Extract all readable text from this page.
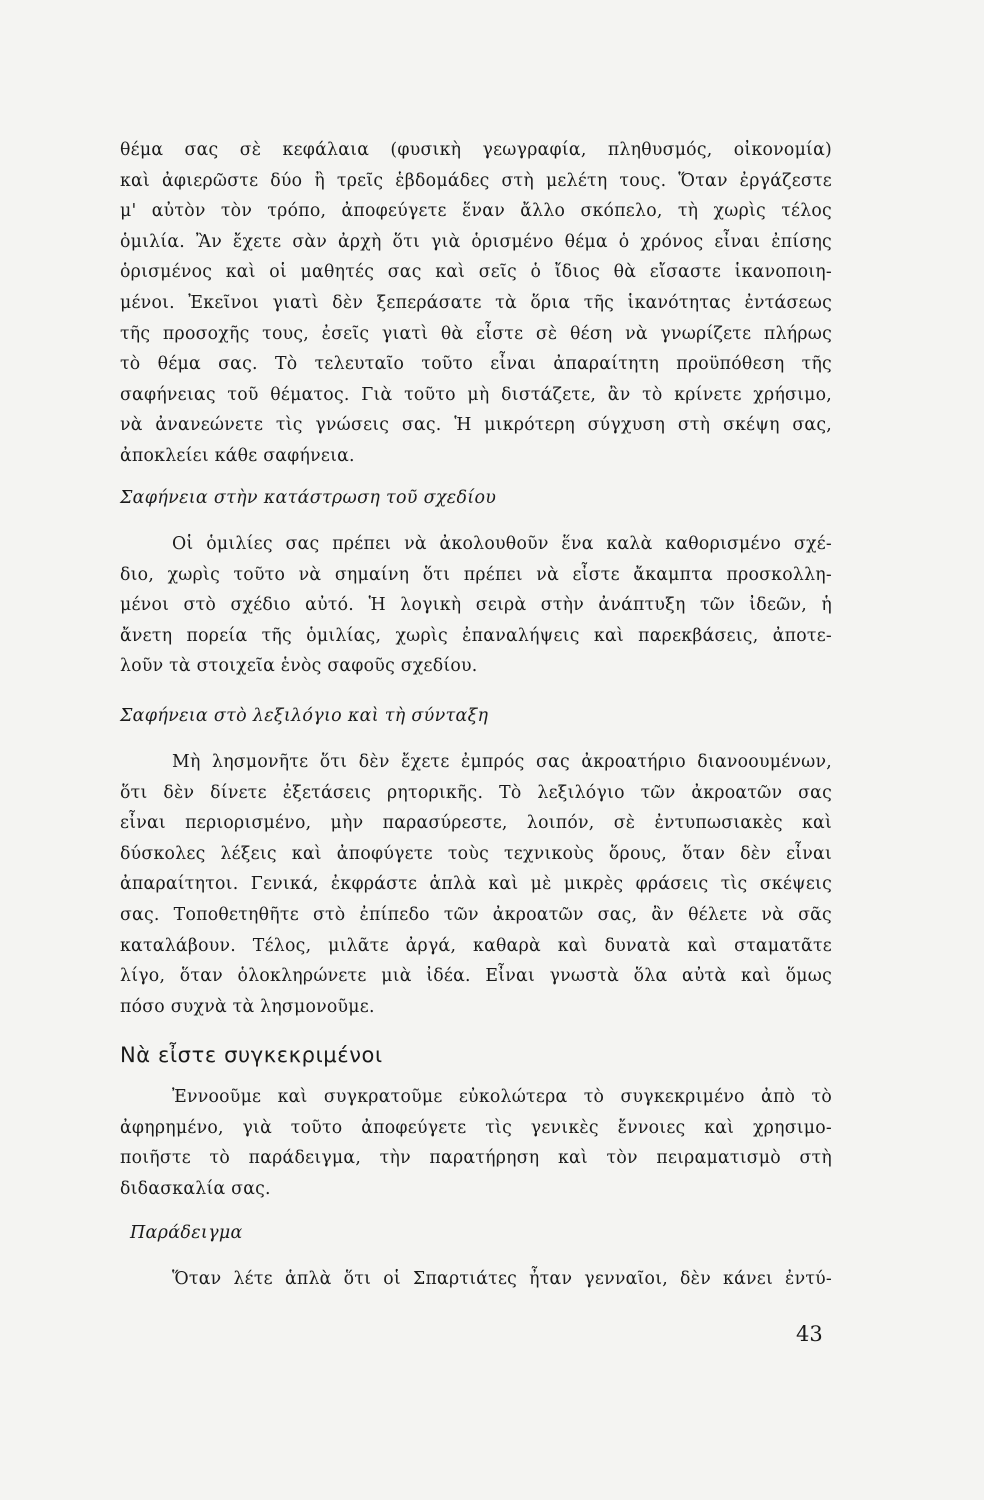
θέμα σας σὲ κεφάλαια (φυσικὴ γεωγραφία, πληθυσμός, οἰκονομία)
καὶ ἀφιερῶστε δύο ἢ τρεῖς ἑβδομάδες στὴ μελέτη τους. Ὅταν ἐργάζεστε
μ' αὐτὸν τὸν τρόπο, ἀποφεύγετε ἕναν ἄλλο σκόπελο, τὴ χωρὶς τέλος
ὁμιλία. Ἂν ἔχετε σὰν ἀρχὴ ὅτι γιὰ ὁρισμένο θέμα ὁ χρόνος εἶναι ἐπίσης
ὁρισμένος καὶ οἱ μαθητές σας καὶ σεῖς ὁ ἴδιος θὰ εἴσαστε ἱκανοποιη-
μένοι. Ἐκεῖνοι γιατὶ δὲν ξεπεράσατε τὰ ὅρια τῆς ἱκανότητας ἐντάσεως
τῆς προσοχῆς τους, ἐσεῖς γιατὶ θὰ εἶστε σὲ θέση νὰ γνωρίζετε πλήρως
τὸ θέμα σας. Τὸ τελευταῖο τοῦτο εἶναι ἀπαραίτητη προϋπόθεση τῆς
σαφήνειας τοῦ θέματος. Γιὰ τοῦτο μὴ διστάζετε, ἂν τὸ κρίνετε χρήσιμο,
νὰ ἀνανεώνετε τὶς γνώσεις σας. Ἡ μικρότερη σύγχυση στὴ σκέψη σας,
ἀποκλείει κάθε σαφήνεια.
Σαφήνεια στὴν κατάστρωση τοῦ σχεδίου
Οἱ ὁμιλίες σας πρέπει νὰ ἀκολουθοῦν ἕνα καλὰ καθορισμένο σχέ-
διο, χωρὶς τοῦτο νὰ σημαίνη ὅτι πρέπει νὰ εἶστε ἄκαμπτα προσκολλη-
μένοι στὸ σχέδιο αὐτό. Ἡ λογικὴ σειρὰ στὴν ἀνάπτυξη τῶν ἰδεῶν, ἡ
ἄνετη πορεία τῆς ὁμιλίας, χωρὶς ἐπαναλήψεις καὶ παρεκβάσεις, ἀποτε-
λοῦν τὰ στοιχεῖα ἑνὸς σαφοῦς σχεδίου.
Σαφήνεια στὸ λεξιλόγιο καὶ τὴ σύνταξη
Μὴ λησμονῆτε ὅτι δὲν ἔχετε ἐμπρός σας ἀκροατήριο διανοουμένων,
ὅτι δὲν δίνετε ἐξετάσεις ρητορικῆς. Τὸ λεξιλόγιο τῶν ἀκροατῶν σας
εἶναι περιορισμένο, μὴν παρασύρεστε, λοιπόν, σὲ ἐντυπωσιακὲς καὶ
δύσκολες λέξεις καὶ ἀποφύγετε τοὺς τεχνικοὺς ὅρους, ὅταν δὲν εἶναι
ἀπαραίτητοι. Γενικά, ἐκφράστε ἁπλὰ καὶ μὲ μικρὲς φράσεις τὶς σκέψεις
σας. Τοποθετηθῆτε στὸ ἐπίπεδο τῶν ἀκροατῶν σας, ἂν θέλετε νὰ σᾶς
καταλάβουν. Τέλος, μιλᾶτε ἀργά, καθαρὰ καὶ δυνατὰ καὶ σταματᾶτε
λίγο, ὅταν ὁλοκληρώνετε μιὰ ἰδέα. Εἶναι γνωστὰ ὅλα αὐτὰ καὶ ὅμως
πόσο συχνὰ τὰ λησμονοῦμε.
Νὰ εἶστε συγκεκριμένοι
Ἐννοοῦμε καὶ συγκρατοῦμε εὐκολώτερα τὸ συγκεκριμένο ἀπὸ τὸ
ἀφηρημένο, γιὰ τοῦτο ἀποφεύγετε τὶς γενικὲς ἔννοιες καὶ χρησιμο-
ποιῆστε τὸ παράδειγμα, τὴν παρατήρηση καὶ τὸν πειραματισμὸ στὴ
διδασκαλία σας.
Παράδειγμα
Ὅταν λέτε ἁπλὰ ὅτι οἱ Σπαρτιάτες ἦταν γενναῖοι, δὲν κάνει ἐντύ-
43
